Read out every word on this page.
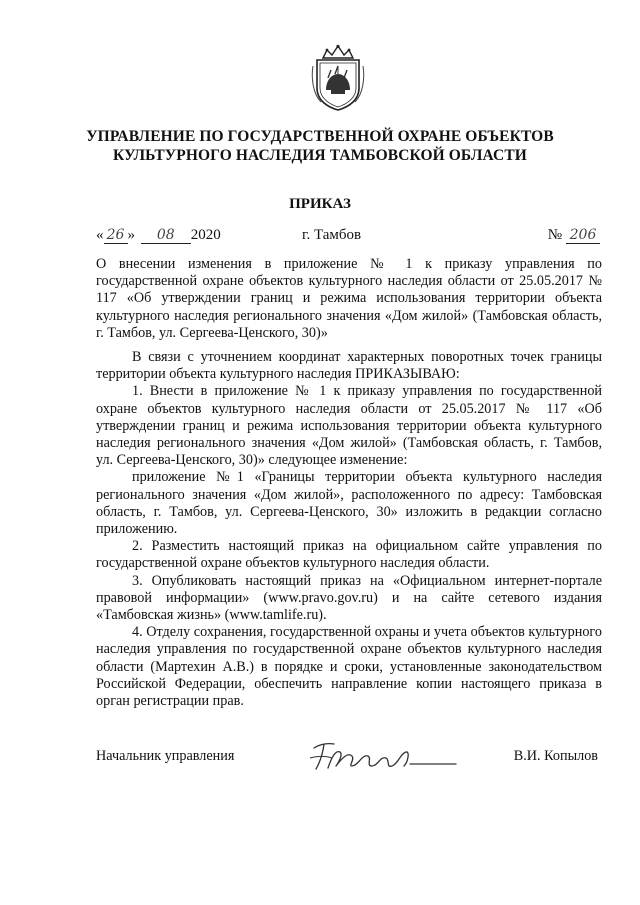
УПРАВЛЕНИЕ ПО ГОСУДАРСТВЕННОЙ ОХРАНЕ ОБЪЕКТОВ
КУЛЬТУРНОГО НАСЛЕДИЯ ТАМБОВСКОЙ ОБЛАСТИ
ПРИКАЗ
« 26 » 08 2020	г. Тамбов	№ 206
О внесении изменения в приложение № 1 к приказу управления по государственной охране объектов культурного наследия области от 25.05.2017 № 117 «Об утверждении границ и режима использования территории объекта культурного наследия регионального значения «Дом жилой» (Тамбовская область, г. Тамбов, ул. Сергеева-Ценского, 30)»

В связи с уточнением координат характерных поворотных точек границы территории объекта культурного наследия ПРИКАЗЫВАЮ:

1. Внести в приложение № 1 к приказу управления по государственной охране объектов культурного наследия области от 25.05.2017 № 117 «Об утверждении границ и режима использования территории объекта культурного наследия регионального значения «Дом жилой» (Тамбовская область, г. Тамбов, ул. Сергеева-Ценского, 30)» следующее изменение:

приложение №1 «Границы территории объекта культурного наследия регионального значения «Дом жилой», расположенного по адресу: Тамбовская область, г. Тамбов, ул. Сергеева-Ценского, 30» изложить в редакции согласно приложению.

2. Разместить настоящий приказ на официальном сайте управления по государственной охране объектов культурного наследия области.

3. Опубликовать настоящий приказ на «Официальном интернет-портале правовой информации» (www.pravo.gov.ru) и на сайте сетевого издания «Тамбовская жизнь» (www.tamlife.ru).

4. Отделу сохранения, государственной охраны и учета объектов культурного наследия управления по государственной охране объектов культурного наследия области (Мартехин А.В.) в порядке и сроки, установленные законодательством Российской Федерации, обеспечить направление копии настоящего приказа в орган регистрации прав.

Начальник управления	В.И. Копылов
